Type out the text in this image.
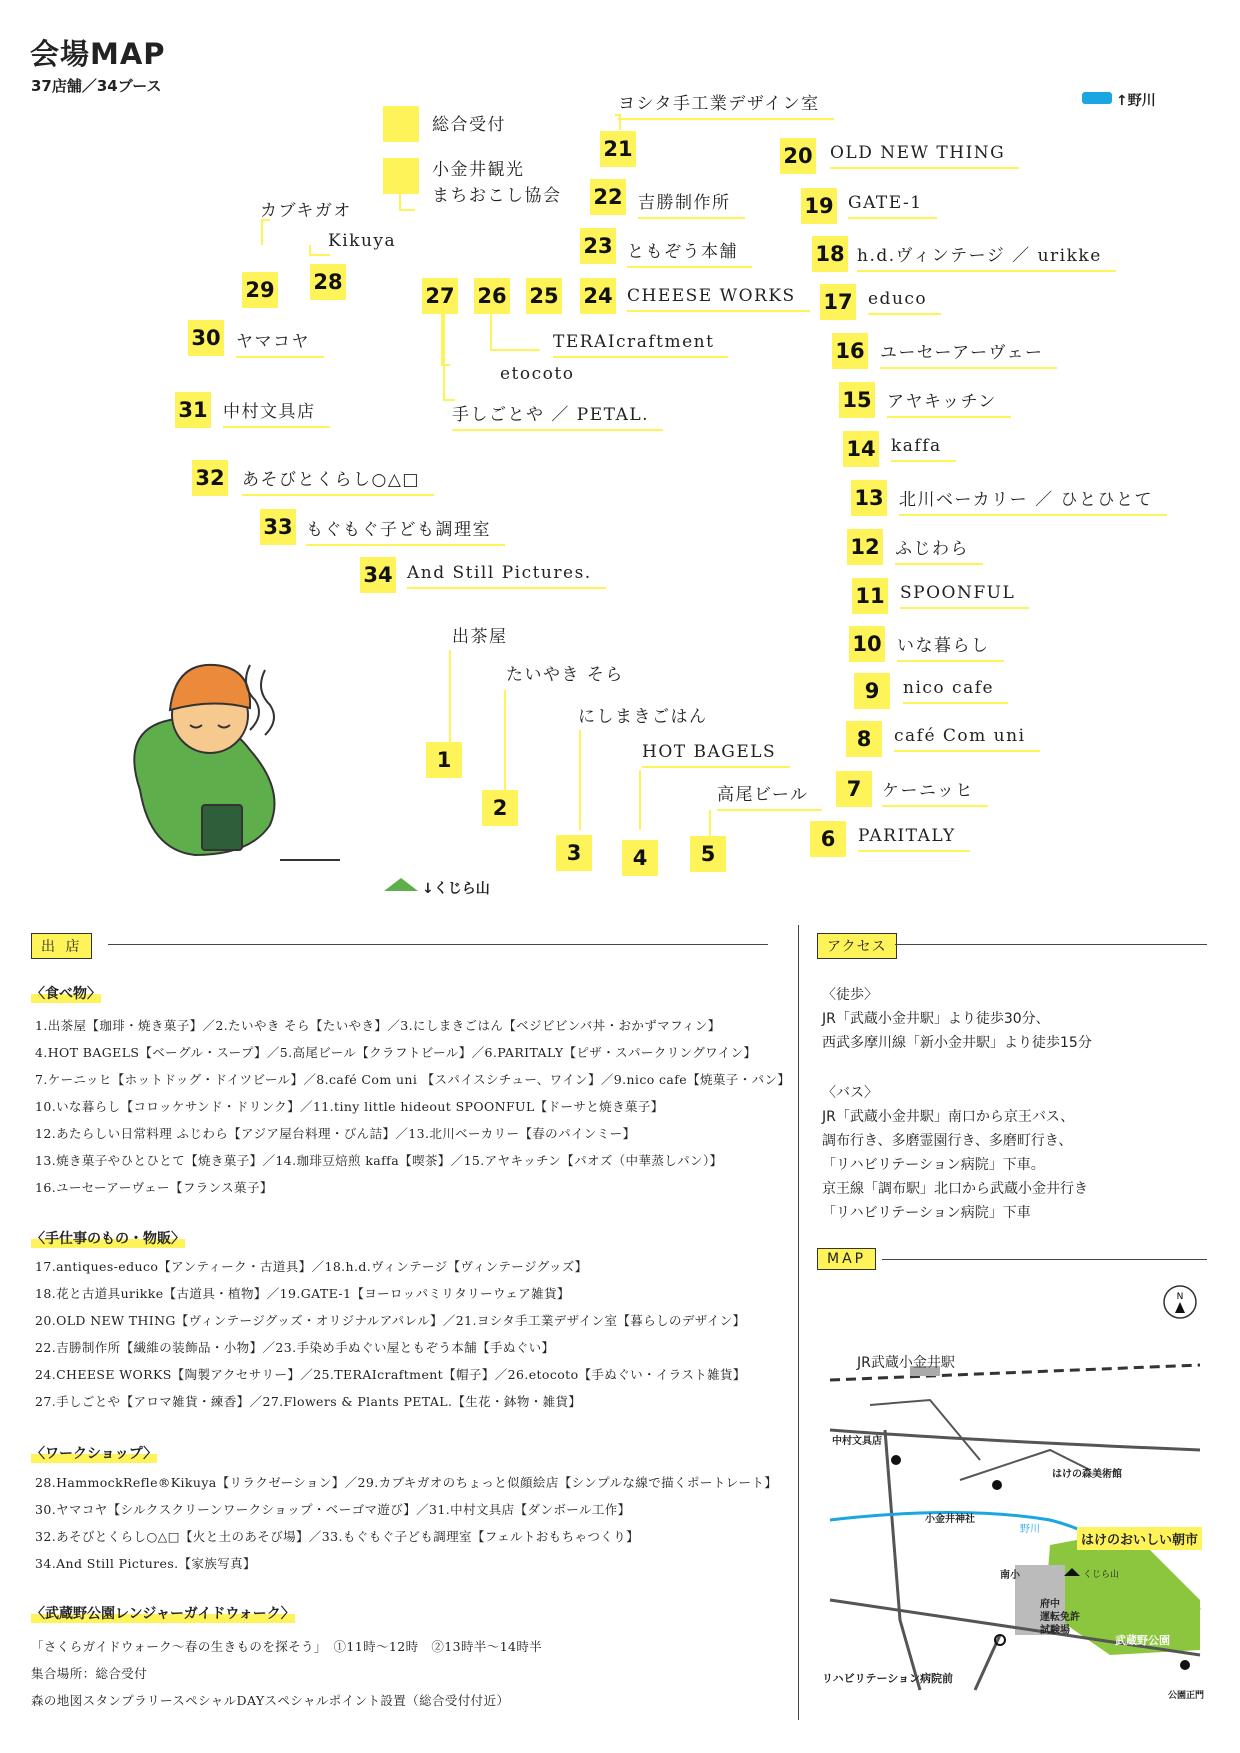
会場MAP
37店舗／34ブース
↑野川
総合受付
小金井観光
まちおこし協会
20 OLD NEW THING
19 GATE-1
18 h.d.ヴィンテージ ／ urikke
17 educo
16 ユーセーアーヴェー
15 アヤキッチン
14 kaffa
13 北川ベーカリー ／ ひとひとて
12 ふじわら
11 SPOONFUL
10 いな暮らし
9	nico cafe
8	café Com uni
7	ケーニッヒ
6	PARITALY
ヨシタ手工業デザイン室
21
22 吉勝制作所
23 ともぞう本舗
24 CHEESE WORKS
25
TERAIcraftment
26
etocoto
27
手しごとや ／ PETAL.
カブキガオ
29
Kikuya
28
30 ヤマコヤ
31 中村文具店
32 あそびとくらし○△□
33 もぐもぐ子ども調理室
34 And Still Pictures.
出茶屋
1
たいやき そら
2
にしまきごはん
3
HOT BAGELS
4
高尾ビール
5
↓くじら山
出 店
〈食べ物〉
1.出茶屋【珈琲・焼き菓子】／2.たいやき そら【たいやき】／3.にしまきごはん【ベジビビンバ丼・おかずマフィン】
4.HOT BAGELS【ベーグル・スープ】／5.高尾ビール【クラフトビール】／6.PARITALY【ピザ・スパークリングワイン】
7.ケーニッヒ【ホットドッグ・ドイツビール】／8.café Com uni 【スパイスシチュー、ワイン】／9.nico cafe【焼菓子・パン】
10.いな暮らし【コロッケサンド・ドリンク】／11.tiny little hideout SPOONFUL【ドーサと焼き菓子】
12.あたらしい日常料理 ふじわら【アジア屋台料理・びん詰】／13.北川ベーカリー【春のパインミー】
13.焼き菓子やひとひとて【焼き菓子】／14.珈琲豆焙煎 kaffa【喫茶】／15.アヤキッチン【パオズ（中華蒸しパン）】
16.ユーセーアーヴェー【フランス菓子】
〈手仕事のもの・物販〉
17.antiques-educo【アンティーク・古道具】／18.h.d.ヴィンテージ【ヴィンテージグッズ】
18.花と古道具urikke【古道具・植物】／19.GATE-1【ヨーロッパミリタリーウェア雑貨】
20.OLD NEW THING【ヴィンテージグッズ・オリジナルアパレル】／21.ヨシタ手工業デザイン室【暮らしのデザイン】
22.吉勝制作所【繊維の装飾品・小物】／23.手染め手ぬぐい屋ともぞう本舗【手ぬぐい】
24.CHEESE WORKS【陶製アクセサリー】／25.TERAIcraftment【帽子】／26.etocoto【手ぬぐい・イラスト雑貨】
27.手しごとや【アロマ雑貨・練香】／27.Flowers & Plants PETAL.【生花・鉢物・雑貨】
〈ワークショップ〉
28.HammockRefle®Kikuya【リラクゼーション】／29.カブキガオのちょっと似顔絵店【シンプルな線で描くポートレート】
30.ヤマコヤ【シルクスクリーンワークショップ・ベーゴマ遊び】／31.中村文具店【ダンボール工作】
32.あそびとくらし○△□【火と土のあそび場】／33.もぐもぐ子ども調理室【フェルトおもちゃつくり】
34.And Still Pictures.【家族写真】
〈武蔵野公園レンジャーガイドウォーク〉
「さくらガイドウォーク～春の生きものを探そう」　①11時～12時　②13時半～14時半
集合場所：総合受付
森の地図スタンプラリースペシャルDAYスペシャルポイント設置（総合受付付近）
アクセス
〈徒歩〉
JR「武蔵小金井駅」より徒歩30分、
西武多摩川線「新小金井駅」より徒歩15分
〈バス〉
JR「武蔵小金井駅」南口から京王バス、
調布行き、多磨霊園行き、多磨町行き、
「リハビリテーション病院」下車。
京王線「調布駅」北口から武蔵小金井行き
「リハビリテーション病院」下車
MAP
N
JR武蔵小金井駅
中村文具店
はけの森美術館
小金井神社
野川
はけのおいしい朝市
南小	くじら山
府中
運転免許
試験場
武蔵野公園
リハビリテーション病院前
公園正門
